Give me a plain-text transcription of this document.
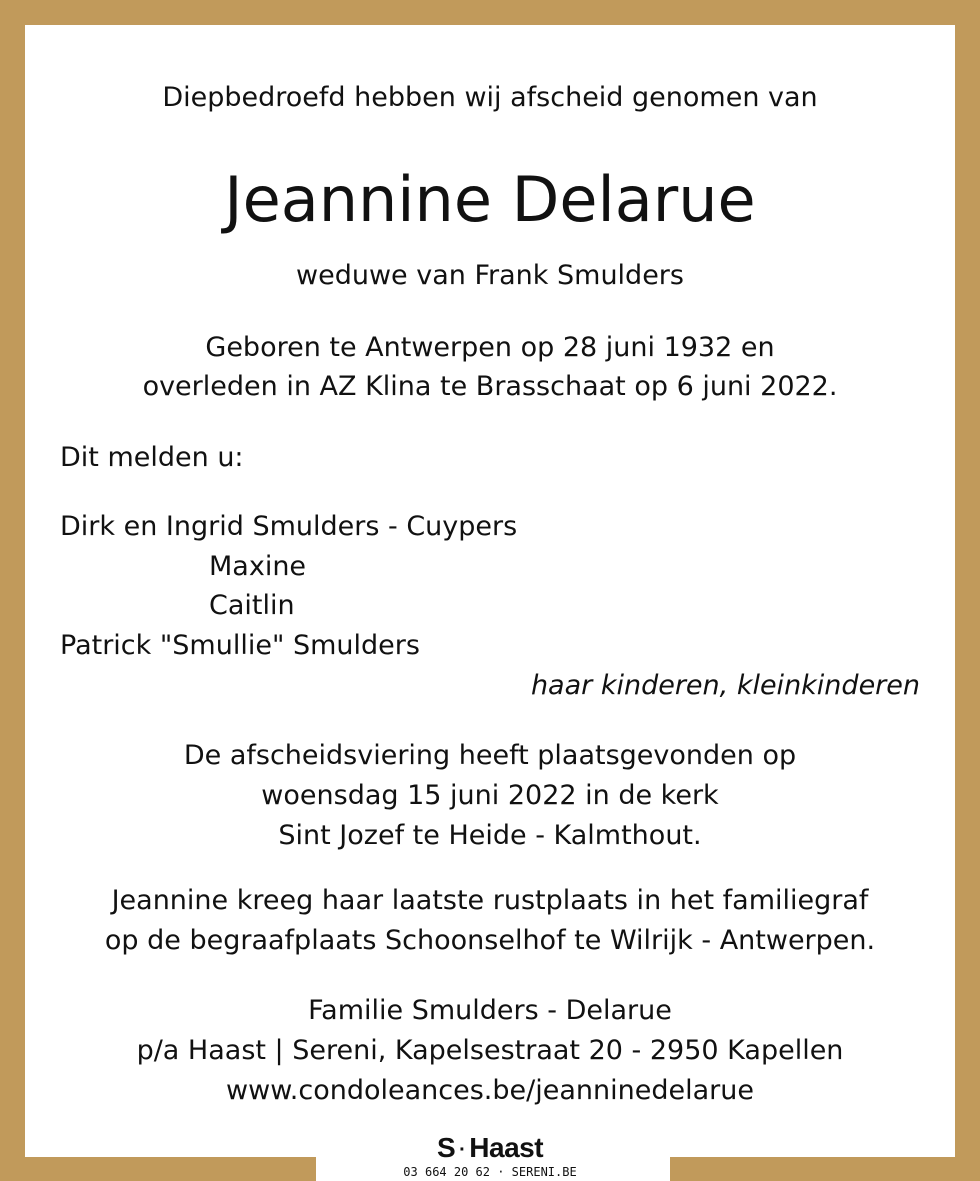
Diepbedroefd hebben wij afscheid genomen van

Jeannine Delarue

weduwe van Frank Smulders

Geboren te Antwerpen op 28 juni 1932 en

overleden in AZ Klina te Brasschaat op 6 juni 2022.

Dit melden u:

Dirk en Ingrid Smulders - Cuypers

Maxine

Caitlin

Patrick "Smullie" Smulders

haar kinderen, kleinkinderen

De afscheidsviering heeft plaatsgevonden op

woensdag 15 juni 2022 in de kerk

Sint Jozef te Heide - Kalmthout.

Jeannine kreeg haar laatste rustplaats in het familiegraf

op de begraafplaats Schoonselhof te Wilrijk - Antwerpen.

Familie Smulders - Delarue

p/a Haast | Sereni, Kapelsestraat 20 - 2950 Kapellen

www.condoleances.be/jeanninedelarue

S · Haast
03 664 20 62 · SERENI.BE
